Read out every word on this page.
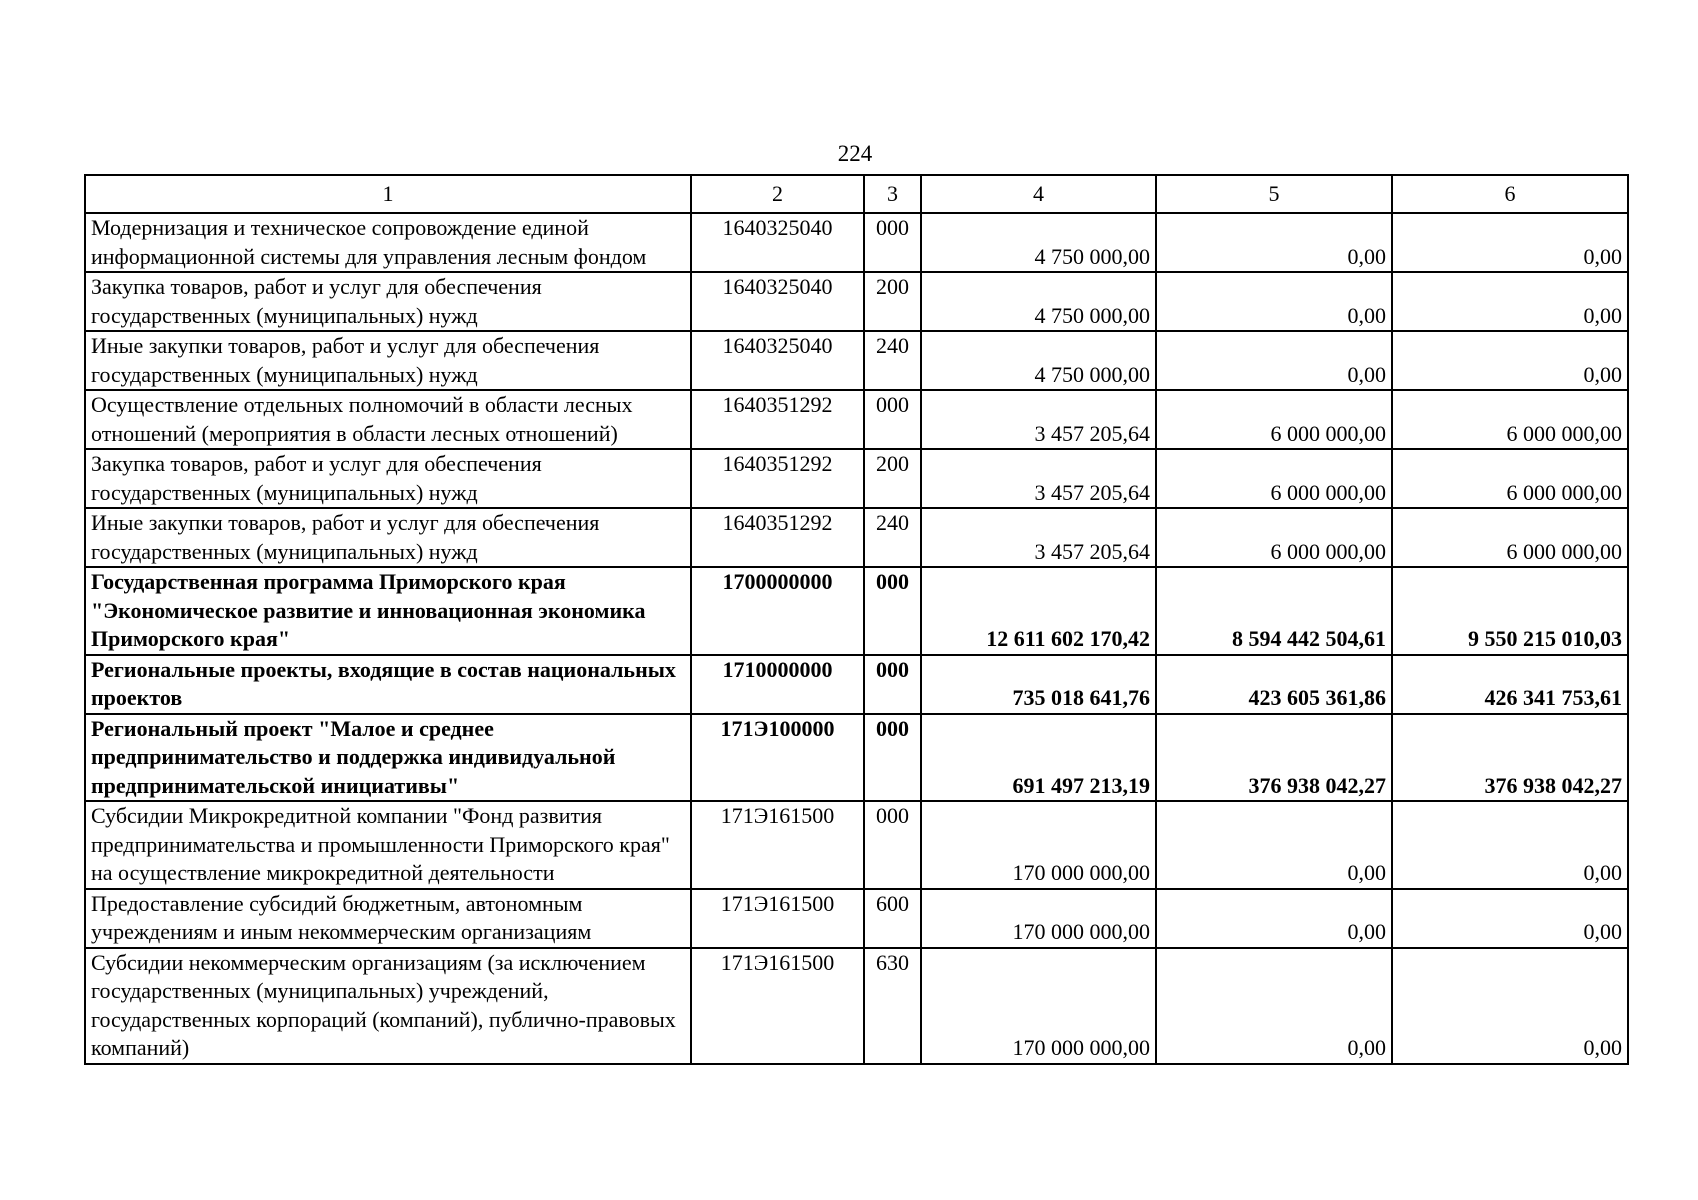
224
1	2	3	4	5	6
Модернизация и техническое сопровождение единой информационной системы для управления лесным фондом	1640325040	000	4 750 000,00	0,00	0,00
Закупка товаров, работ и услуг для обеспечения государственных (муниципальных) нужд	1640325040	200	4 750 000,00	0,00	0,00
Иные закупки товаров, работ и услуг для обеспечения государственных (муниципальных) нужд	1640325040	240	4 750 000,00	0,00	0,00
Осуществление отдельных полномочий в области лесных отношений (мероприятия в области лесных отношений)	1640351292	000	3 457 205,64	6 000 000,00	6 000 000,00
Закупка товаров, работ и услуг для обеспечения государственных (муниципальных) нужд	1640351292	200	3 457 205,64	6 000 000,00	6 000 000,00
Иные закупки товаров, работ и услуг для обеспечения государственных (муниципальных) нужд	1640351292	240	3 457 205,64	6 000 000,00	6 000 000,00
Государственная программа Приморского края "Экономическое развитие и инновационная экономика Приморского края"	1700000000	000	12 611 602 170,42	8 594 442 504,61	9 550 215 010,03
Региональные проекты, входящие в состав национальных проектов	1710000000	000	735 018 641,76	423 605 361,86	426 341 753,61
Региональный проект "Малое и среднее предпринимательство и поддержка индивидуальной предпринимательской инициативы"	171Э100000	000	691 497 213,19	376 938 042,27	376 938 042,27
Субсидии Микрокредитной компании "Фонд развития предпринимательства и промышленности Приморского края" на осуществление микрокредитной деятельности	171Э161500	000	170 000 000,00	0,00	0,00
Предоставление субсидий бюджетным, автономным учреждениям и иным некоммерческим организациям	171Э161500	600	170 000 000,00	0,00	0,00
Субсидии некоммерческим организациям (за исключением государственных (муниципальных) учреждений, государственных корпораций (компаний), публично-правовых компаний)	171Э161500	630	170 000 000,00	0,00	0,00
